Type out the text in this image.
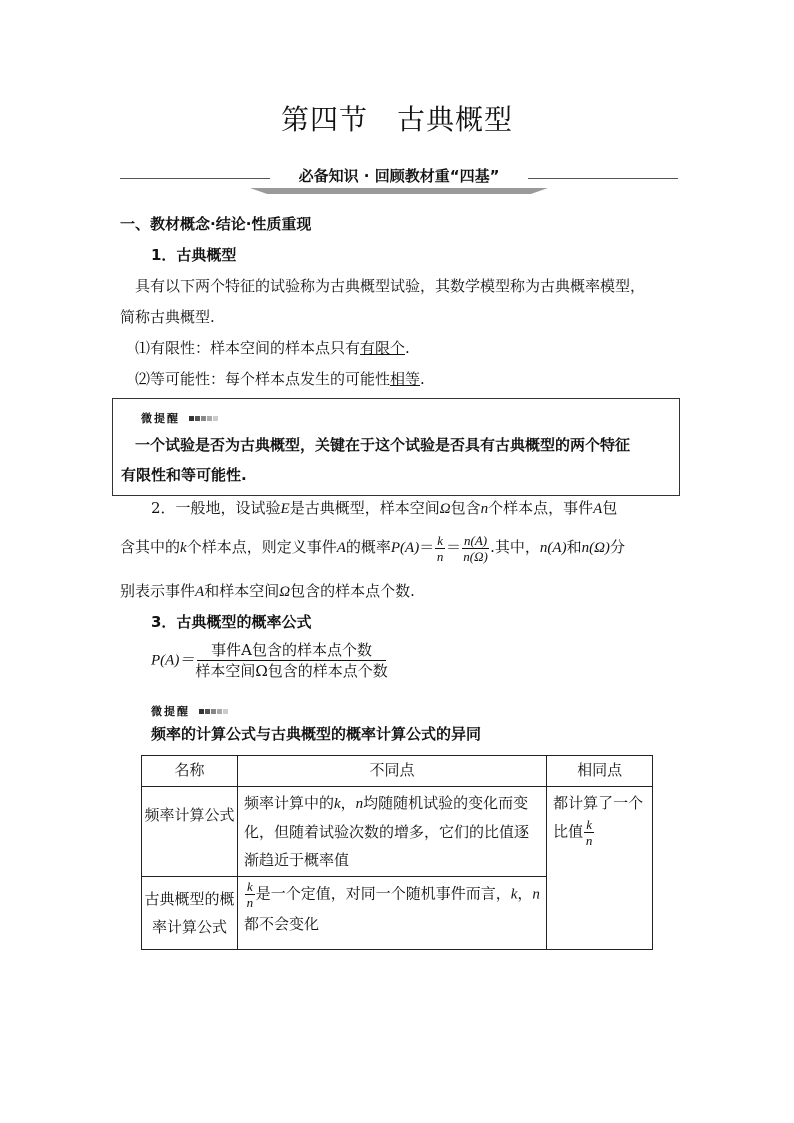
第四节　古典概型
必备知识 · 回顾教材重“四基”
一、教材概念·结论·性质重现
1．古典概型
具有以下两个特征的试验称为古典概型试验，其数学模型称为古典概率模型，
简称古典概型.
⑴有限性：样本空间的样本点只有有限个.
⑵等可能性：每个样本点发生的可能性相等.
微提醒
一个试验是否为古典概型，关键在于这个试验是否具有古典概型的两个特征
有限性和等可能性.
2．一般地，设试验E是古典概型，样本空间Ω包含n个样本点，事件A包
含其中的k个样本点，则定义事件A的概率$P(A)= \frac{k}{n} = \frac{n(A)}{n(\Omega)}$ .其中，n(A)和n(Ω)分
别表示事件A和样本空间Ω包含的样本点个数.
3．古典概型的概率公式
$P(A)= \frac{\text{事件A包含的样本点个数}}{\text{样本空间Ω包含的样本点个数}}$
微提醒
频率的计算公式与古典概型的概率计算公式的异同
名称	不同点	相同点
频率计算公式	频率计算中的k，n均随随机试验的变化而变化，但随着试验次数的增多，它们的比值逐渐趋近于概率值	都计算了一个比值 $\frac{k}{n}$

古典概型的概率计算公式	$\frac{k}{n}$ 是一个定值，对同一个随机事件而言，k，n都不会变化	
